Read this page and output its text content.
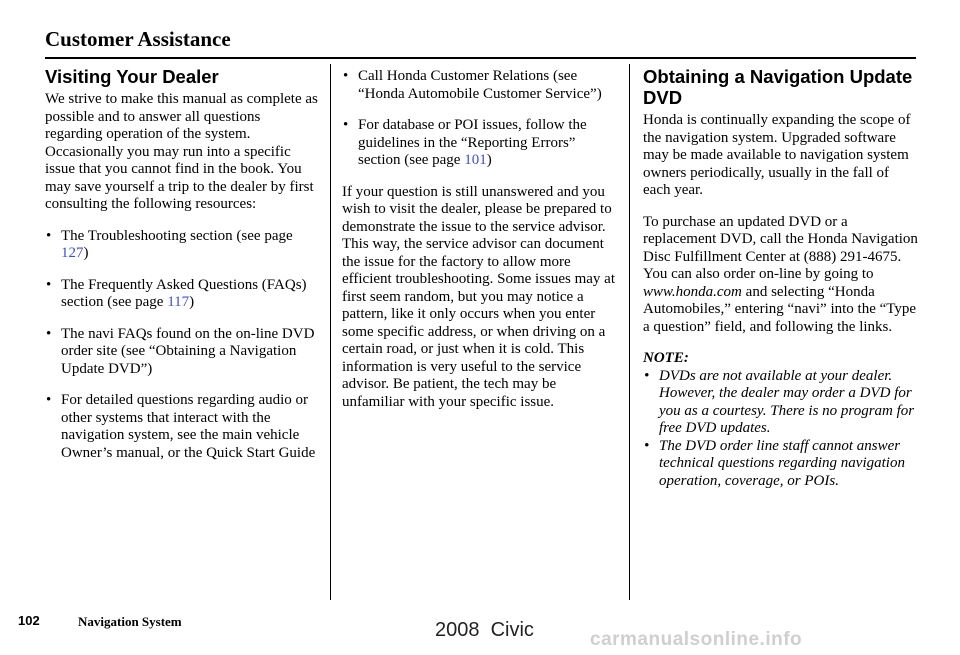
Customer Assistance
Visiting Your Dealer

We strive to make this manual as complete as possible and to answer all questions regarding operation of the system. Occasionally you may run into a specific issue that you cannot find in the book. You may save yourself a trip to the dealer by first consulting the following resources:

• The Troubleshooting section (see page 127)
• The Frequently Asked Questions (FAQs) section (see page 117)
• The navi FAQs found on the on-line DVD order site (see “Obtaining a Navigation Update DVD”)
• For detailed questions regarding audio or other systems that interact with the navigation system, see the main vehicle Owner’s manual, or the Quick Start Guide
• Call Honda Customer Relations (see “Honda Automobile Customer Service”)
• For database or POI issues, follow the guidelines in the “Reporting Errors” section (see page 101)

If your question is still unanswered and you wish to visit the dealer, please be prepared to demonstrate the issue to the service advisor. This way, the service advisor can document the issue for the factory to allow more efficient troubleshooting. Some issues may at first seem random, but you may notice a pattern, like it only occurs when you enter some specific address, or when driving on a certain road, or just when it is cold. This information is very useful to the service advisor. Be patient, the tech may be unfamiliar with your specific issue.

Obtaining a Navigation Update DVD

Honda is continually expanding the scope of the navigation system. Upgraded software may be made available to navigation system owners periodically, usually in the fall of each year.

To purchase an updated DVD or a replacement DVD, call the Honda Navigation Disc Fulfillment Center at (888) 291-4675. You can also order on-line by going to www.honda.com and selecting “Honda Automobiles,” entering “navi” into the “Type a question” field, and following the links.

NOTE:

• DVDs are not available at your dealer. However, the dealer may order a DVD for you as a courtesy. There is no program for free DVD updates.
• The DVD order line staff cannot answer technical questions regarding navigation operation, coverage, or POIs.
102	Navigation System	2008  Civic	carmanualsonline.info
